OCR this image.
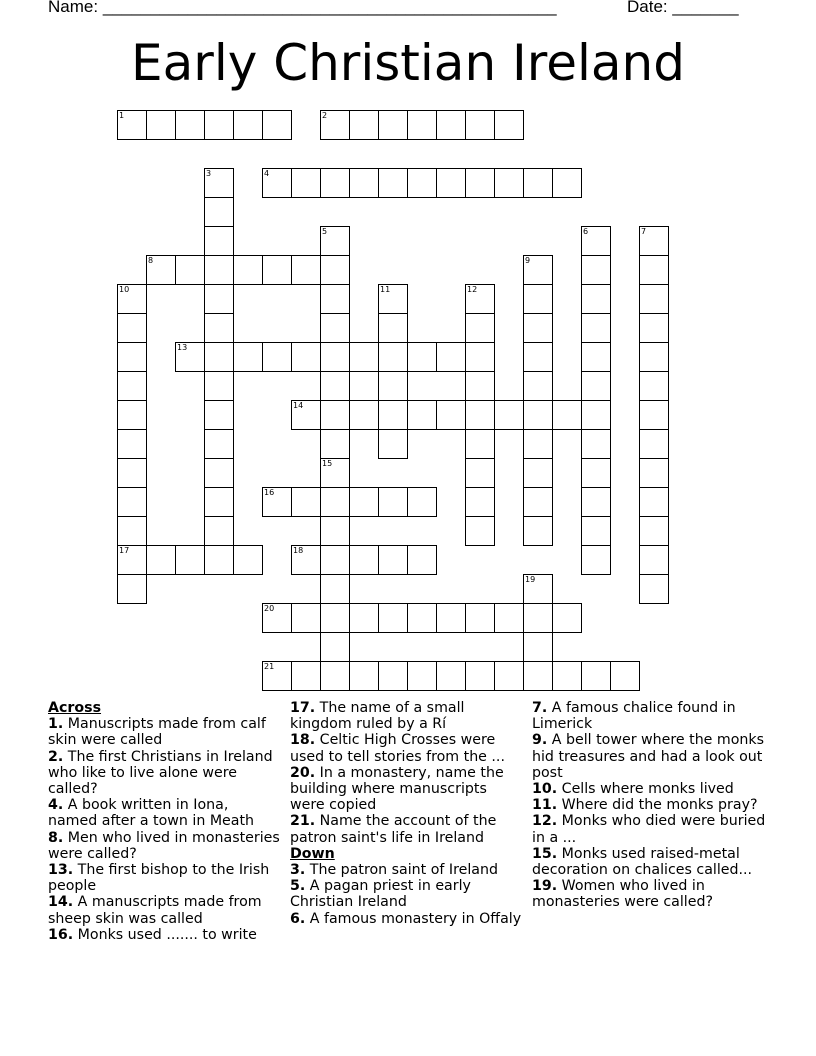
Name: ________________________________________________	Date: _______
Early Christian Ireland
1	2
3	4
5
15
6	7
8	9
10
17
11	12
13
14
16
18
19
20
21
Across
1. Manuscripts made from calf skin were called
2. The first Christians in Ireland who like to live alone were called?
4. A book written in Iona, named after a town in Meath
8. Men who lived in monasteries were called?
13. The first bishop to the Irish people
14. A manuscripts made from sheep skin was called
16. Monks used ....... to write
17. The name of a small kingdom ruled by a Rí
18. Celtic High Crosses were used to tell stories from the ...
20. In a monastery, name the building where manuscripts were copied
21. Name the account of the patron saint's life in Ireland
Down
3. The patron saint of Ireland
5. A pagan priest in early Christian Ireland
6. A famous monastery in Offaly
7. A famous chalice found in Limerick
9. A bell tower where the monks hid treasures and had a look out post
10. Cells where monks lived
11. Where did the monks pray?
12. Monks who died were buried in a ...
15. Monks used raised-metal decoration on chalices called...
19. Women who lived in monasteries were called?
